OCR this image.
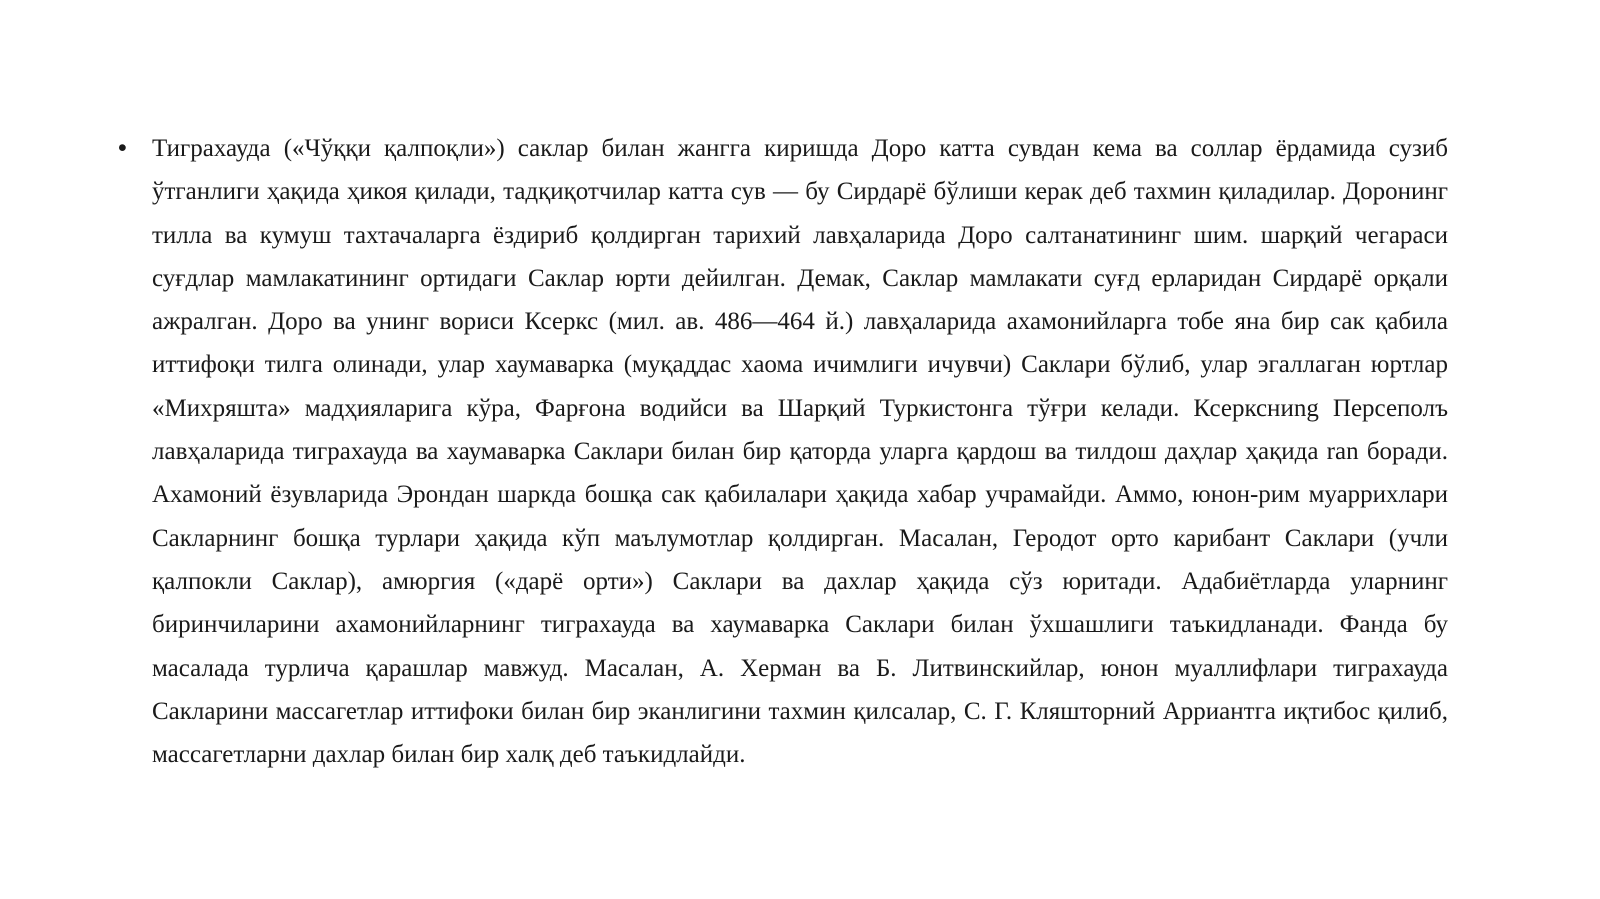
• Тиграхауда («Чўққи қалпоқли») саклар билан жангга киришда Доро катта сувдан кема ва соллар ёрдамида сузиб ўтганлиги ҳақида ҳикоя қилади, тадқиқотчилар катта сув — бу Сирдарё бўлиши керак деб тахмин қиладилар. Доронинг тилла ва кумуш тахтачаларга ёздириб қолдирган тарихий лавҳаларида Доро салтанатининг шим. шарқий чегараси суғдлар мамлакатининг ортидаги Саклар юрти дейилган. Демак, Саклар мамлакати суғд ерларидан Сирдарё орқали ажралган. Доро ва унинг вориси Ксеркс (мил. ав. 486—464 й.) лавҳаларида ахамонийларга тобе яна бир сак қабила иттифоқи тилга олинади, улар хаумаварка (муқаддас хаома ичимлиги ичувчи) Саклари бўлиб, улар эгаллаган юртлар «Михряшта» мадҳияларига кўра, Фарғона водийси ва Шарқий Туркистонга тўғри келади. Ксерксниng Персеполъ лавҳаларида тиграхауда ва хаумаварка Саклари билан бир қаторда уларга қардош ва тилдош даҳлар ҳақида ran боради. Ахамоний ёзувларида Эрондан шаркда бошқа сак қабилалари ҳақида хабар учрамайди. Аммо, юнон-рим муаррихлари Сакларнинг бошқа турлари ҳақида кўп маълумотлар қолдирган. Масалан, Геродот орто карибант Саклари (учли қалпокли Саклар), амюргия («дарё орти») Саклари ва дахлар ҳақида сўз юритади. Адабиётларда уларнинг биринчиларини ахамонийларнинг тиграхауда ва хаумаварка Саклари билан ўхшашлиги таъкидланади. Фанда бу масалада турлича қарашлар мавжуд. Масалан, А. Херман ва Б. Литвинскийлар, юнон муаллифлари тиграхауда Сакларини массагетлар иттифоки билан бир эканлигини тахмин қилсалар, С. Г. Кляшторний Арриантга иқтибос қилиб, массагетларни дахлар билан бир халқ деб таъкидлайди.
